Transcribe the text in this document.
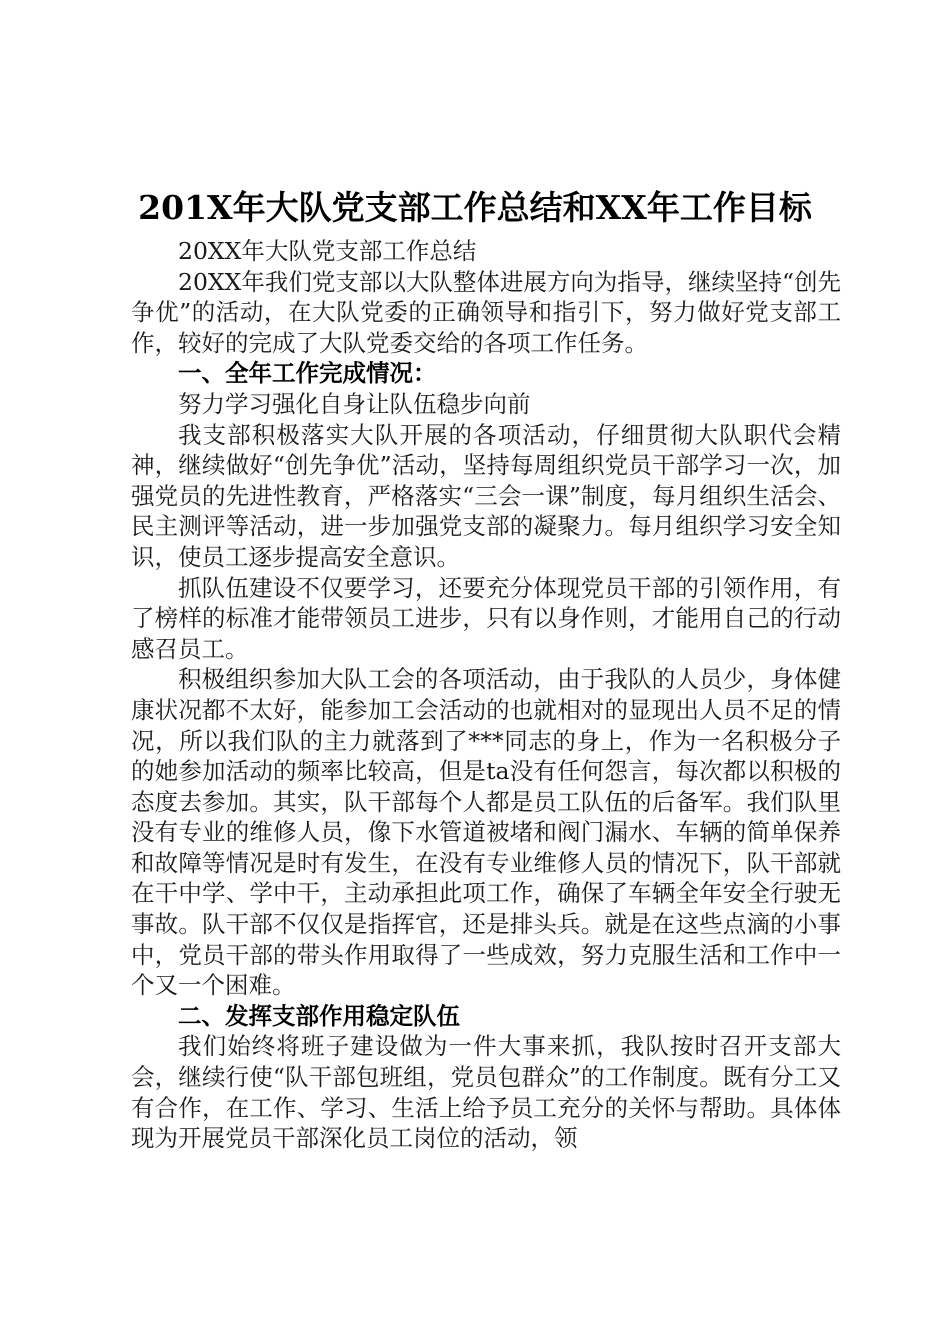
201X年大队党支部工作总结和XX年工作目标

20XX年大队党支部工作总结

20XX年我们党支部以大队整体进展方向为指导，继续坚持“创先争优”的活动，在大队党委的正确领导和指引下，努力做好党支部工作，较好的完成了大队党委交给的各项工作任务。

一、全年工作完成情况：

努力学习强化自身让队伍稳步向前

我支部积极落实大队开展的各项活动，仔细贯彻大队职代会精神，继续做好“创先争优”活动，坚持每周组织党员干部学习一次，加强党员的先进性教育，严格落实“三会一课”制度，每月组织生活会、民主测评等活动，进一步加强党支部的凝聚力。每月组织学习安全知识，使员工逐步提高安全意识。

抓队伍建设不仅要学习，还要充分体现党员干部的引领作用，有了榜样的标准才能带领员工进步，只有以身作则，才能用自己的行动感召员工。

积极组织参加大队工会的各项活动，由于我队的人员少，身体健康状况都不太好，能参加工会活动的也就相对的显现出人员不足的情况，所以我们队的主力就落到了***同志的身上，作为一名积极分子的她参加活动的频率比较高，但是ta没有任何怨言，每次都以积极的态度去参加。其实，队干部每个人都是员工队伍的后备军。我们队里没有专业的维修人员，像下水管道被堵和阀门漏水、车辆的简单保养和故障等情况是时有发生，在没有专业维修人员的情况下，队干部就在干中学、学中干，主动承担此项工作，确保了车辆全年安全行驶无事故。队干部不仅仅是指挥官，还是排头兵。就是在这些点滴的小事中，党员干部的带头作用取得了一些成效，努力克服生活和工作中一个又一个困难。

二、发挥支部作用稳定队伍

我们始终将班子建设做为一件大事来抓，我队按时召开支部大会，继续行使“队干部包班组，党员包群众”的工作制度。既有分工又有合作，在工作、学习、生活上给予员工充分的关怀与帮助。具体体现为开展党员干部深化员工岗位的活动，领
